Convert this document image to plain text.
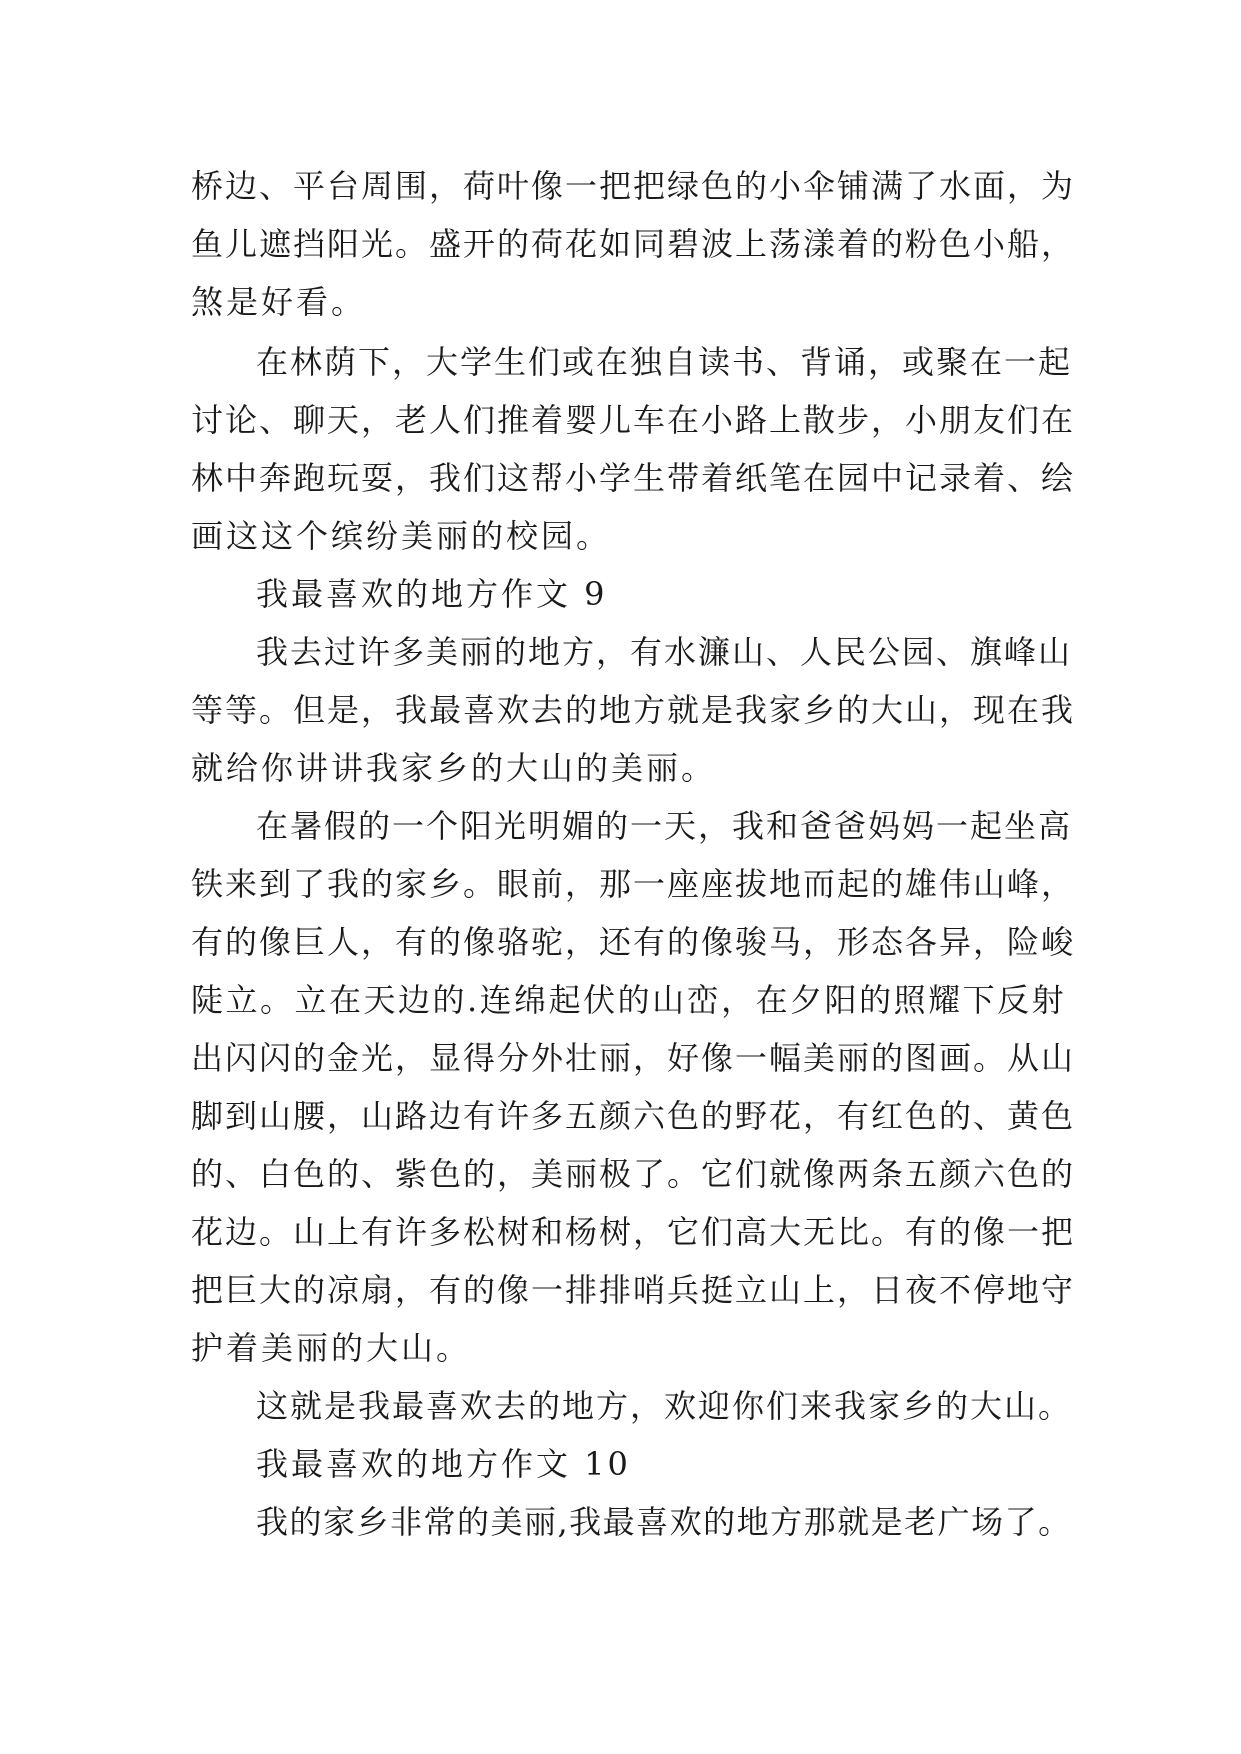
桥边、平台周围，荷叶像一把把绿色的小伞铺满了水面，为
鱼儿遮挡阳光。盛开的荷花如同碧波上荡漾着的粉色小船，
煞是好看。
在林荫下，大学生们或在独自读书、背诵，或聚在一起
讨论、聊天，老人们推着婴儿车在小路上散步，小朋友们在
林中奔跑玩耍，我们这帮小学生带着纸笔在园中记录着、绘
画这这个缤纷美丽的校园。
我最喜欢的地方作文 9
我去过许多美丽的地方，有水濂山、人民公园、旗峰山
等等。但是，我最喜欢去的地方就是我家乡的大山，现在我
就给你讲讲我家乡的大山的美丽。
在暑假的一个阳光明媚的一天，我和爸爸妈妈一起坐高
铁来到了我的家乡。眼前，那一座座拔地而起的雄伟山峰，
有的像巨人，有的像骆驼，还有的像骏马，形态各异，险峻
陡立。立在天边的.连绵起伏的山峦，在夕阳的照耀下反射
出闪闪的金光，显得分外壮丽，好像一幅美丽的图画。从山
脚到山腰，山路边有许多五颜六色的野花，有红色的、黄色
的、白色的、紫色的，美丽极了。它们就像两条五颜六色的
花边。山上有许多松树和杨树，它们高大无比。有的像一把
把巨大的凉扇，有的像一排排哨兵挺立山上，日夜不停地守
护着美丽的大山。
这就是我最喜欢去的地方，欢迎你们来我家乡的大山。
我最喜欢的地方作文 10
我的家乡非常的美丽,我最喜欢的地方那就是老广场了。
